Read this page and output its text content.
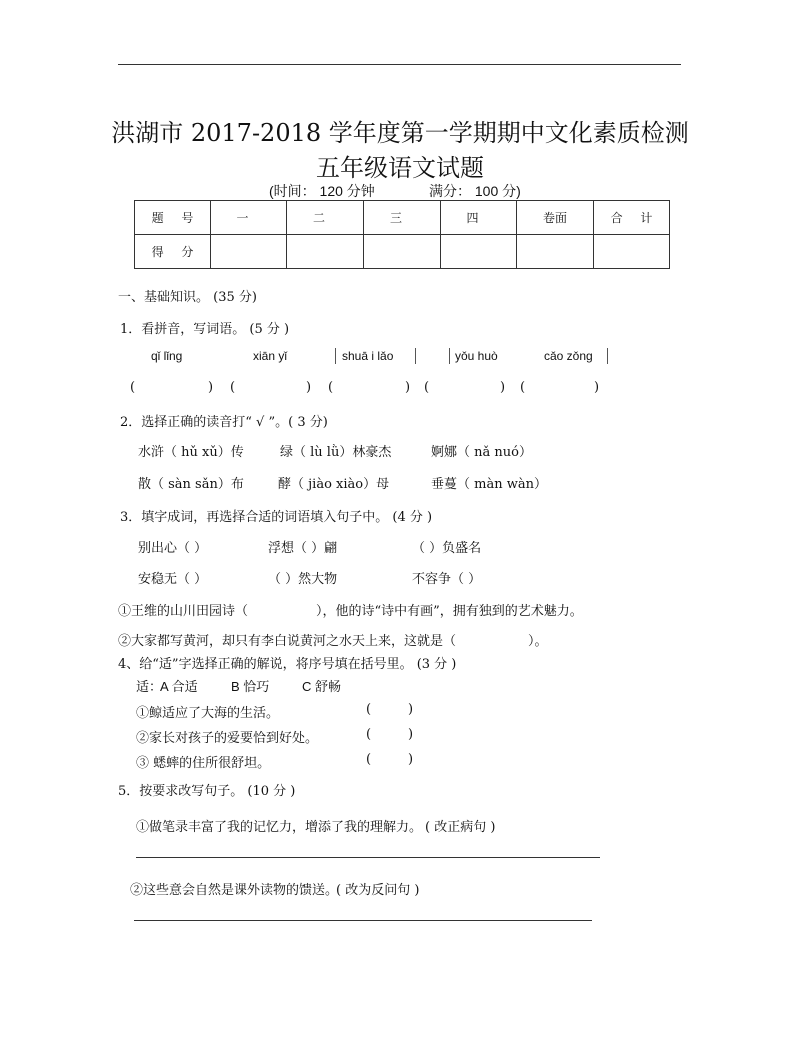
洪湖市 2017-2018 学年度第一学期期中文化素质检测
五年级语文试题
(时间： 120 分钟	满分： 100 分)
题 号	一	二	三	四	卷面	合 计
得 分						
一、基础知识。 (35 分)
1．看拼音，写词语。 (5 分 )
qǐ lǐng	xiān yǐ	shuā i lǎo	yǒu huò	cǎo zǒng
(	) (	) (	) (	) (	)
2．选择正确的读音打“ √ ”。( 3 分)
水浒（ hǔ xǔ）传	绿（ lù lǜ）林豪杰	婀娜（ nǎ nuó）
散（ sàn sǎn）布	酵（ jiào xiào）母	垂蔓（ màn wàn）
3．填字成词，再选择合适的词语填入句子中。 (4 分 )
别出心（ ）	浮想（ ）翩	（ ）负盛名
安稳无（ ）	（ ）然大物	不容争（ ）
①王维的山川田园诗（	），他的诗“诗中有画”，拥有独到的艺术魅力。
②大家都写黄河，却只有李白说黄河之水天上来，这就是（	）。
4、给“适”字选择正确的解说，将序号填在括号里。 (3 分 )
适：
A 合适	B 恰巧	C 舒畅
①鲸适应了大海的生活。	(	)
②家长对孩子的爱要恰到好处。	(	)
③ 蟋蟀的住所很舒坦。	(	)
5．按要求改写句子。 (10 分 )
①做笔录丰富了我的记忆力，增添了我的理解力。 ( 改正病句 )
②这些意会自然是课外读物的馈送。
( 改为反问句 )
